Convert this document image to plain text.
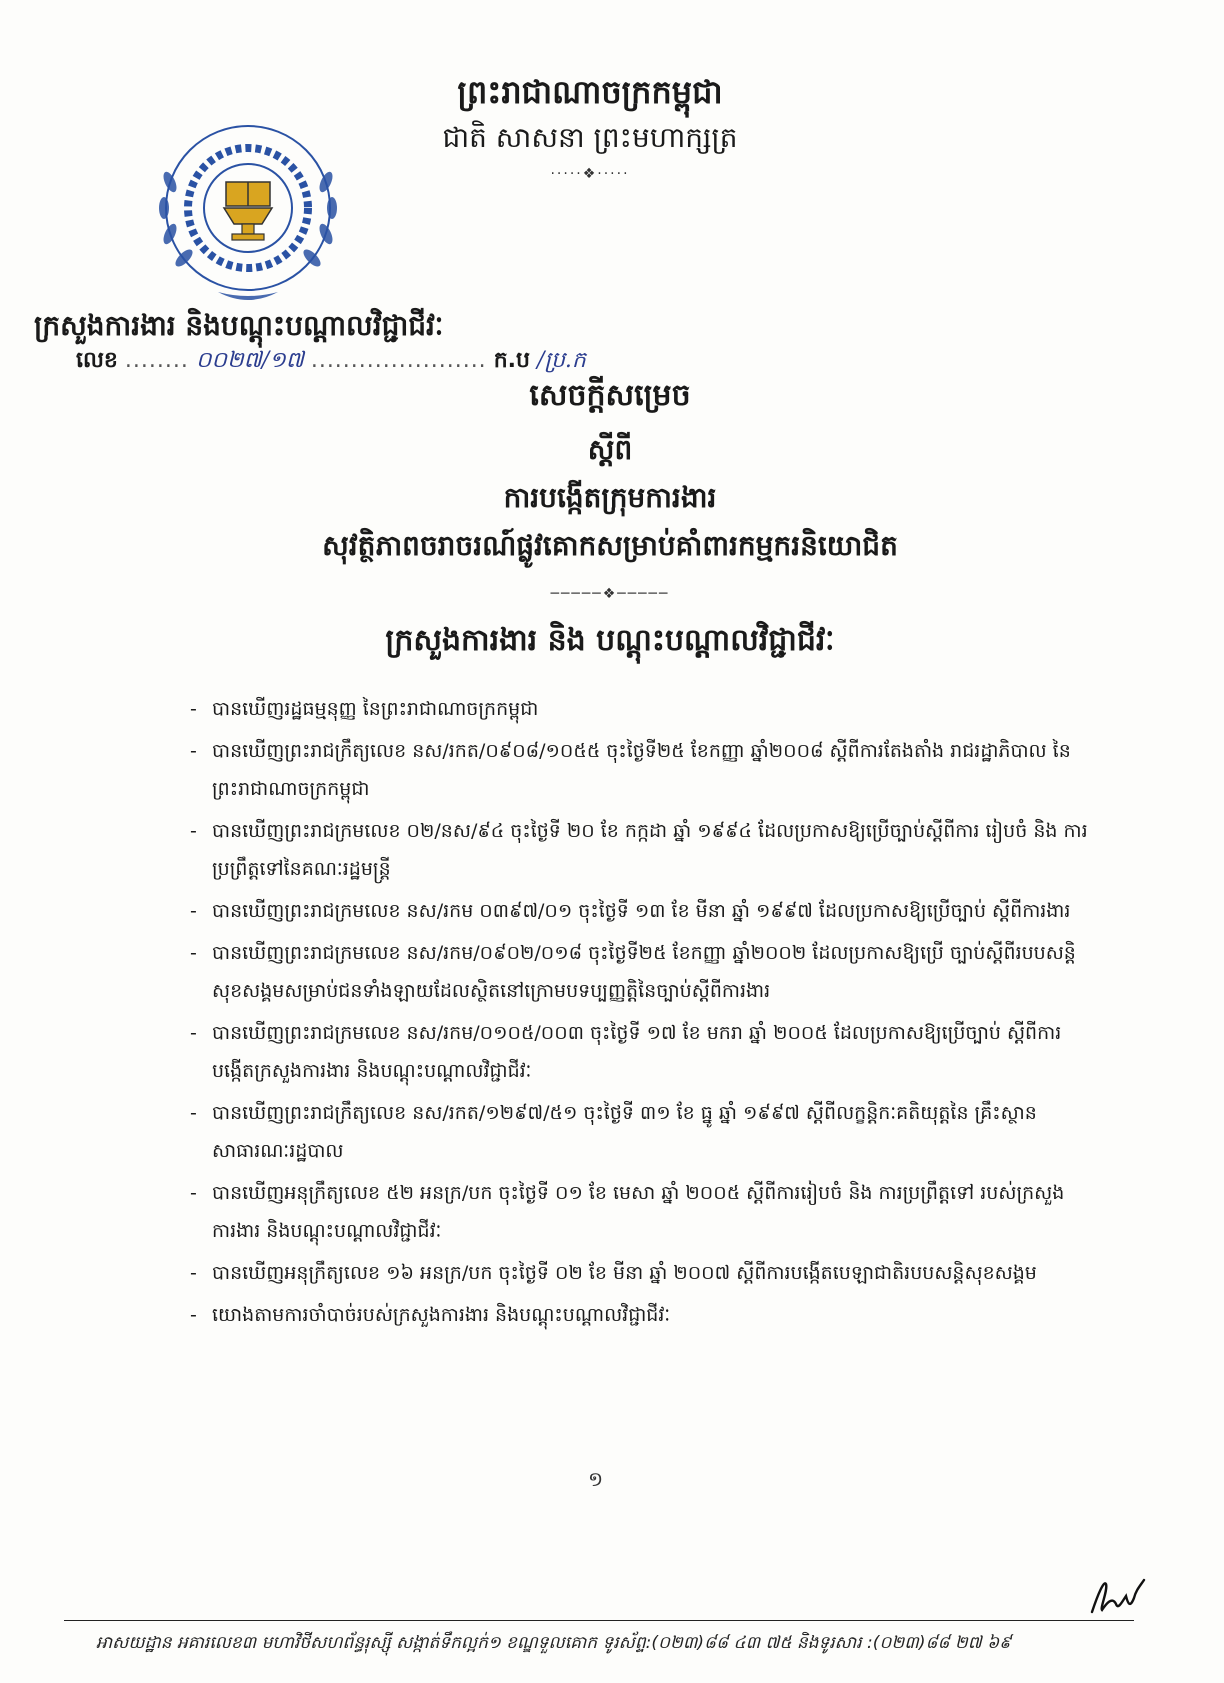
ព្រះរាជាណាចក្រកម្ពុជា
ជាតិ សាសនា ព្រះមហាក្សត្រ
·····❖·····
ក្រសួងការងារ និងបណ្តុះបណ្តាលវិជ្ជាជីវៈ
លេខ ........ ០០២៧/១៧ ...................... ក.ប /ប្រ.ក
សេចក្តីសម្រេច
ស្តីពី
ការបង្កើតក្រុមការងារ
សុវត្ថិភាពចរាចរណ៍ផ្លូវគោកសម្រាប់គាំពារកម្មករនិយោជិត
─────❖─────
ក្រសួងការងារ និង បណ្តុះបណ្តាលវិជ្ជាជីវៈ
- បានឃើញរដ្ឋធម្មនុញ្ញ នៃព្រះរាជាណាចក្រកម្ពុជា
- បានឃើញព្រះរាជក្រឹត្យលេខ នស/រកត/០៩០៨/១០៥៥ ចុះថ្ងៃទី២៥ ខែកញ្ញា ឆ្នាំ២០០៨ ស្តីពីការតែងតាំង រាជរដ្ឋាភិបាល នៃព្រះរាជាណាចក្រកម្ពុជា
- បានឃើញព្រះរាជក្រមលេខ ០២/នស/៩៤ ចុះថ្ងៃទី ២០ ខែ កក្កដា ឆ្នាំ ១៩៩៤ ដែលប្រកាសឱ្យប្រើច្បាប់ស្តីពីការ រៀបចំ និង ការប្រព្រឹត្តទៅនៃគណៈរដ្ឋមន្ត្រី
- បានឃើញព្រះរាជក្រមលេខ នស/រកម ០៣៩៧/០១ ចុះថ្ងៃទី ១៣ ខែ មីនា ឆ្នាំ ១៩៩៧ ដែលប្រកាសឱ្យប្រើច្បាប់ ស្តីពីការងារ
- បានឃើញព្រះរាជក្រមលេខ នស/រកម/០៩០២/០១៨ ចុះថ្ងៃទី២៥ ខែកញ្ញា ឆ្នាំ២០០២ ដែលប្រកាសឱ្យប្រើ ច្បាប់ស្តីពីរបបសន្តិសុខសង្គមសម្រាប់ជនទាំងឡាយដែលស្ថិតនៅក្រោមបទប្បញ្ញត្តិនៃច្បាប់ស្តីពីការងារ
- បានឃើញព្រះរាជក្រមលេខ នស/រកម/០១០៥/០០៣ ចុះថ្ងៃទី ១៧ ខែ មករា ឆ្នាំ ២០០៥ ដែលប្រកាសឱ្យប្រើច្បាប់ ស្តីពីការបង្កើតក្រសួងការងារ និងបណ្តុះបណ្តាលវិជ្ជាជីវៈ
- បានឃើញព្រះរាជក្រឹត្យលេខ នស/រកត/១២៩៧/៥១ ចុះថ្ងៃទី ៣១ ខែ ធ្នូ ឆ្នាំ ១៩៩៧ ស្តីពីលក្ខន្តិកៈគតិយុត្តនៃ គ្រឹះស្ថានសាធារណៈរដ្ឋបាល
- បានឃើញអនុក្រឹត្យលេខ ៥២ អនក្រ/បក ចុះថ្ងៃទី ០១ ខែ មេសា ឆ្នាំ ២០០៥ ស្តីពីការរៀបចំ និង ការប្រព្រឹត្តទៅ របស់ក្រសួងការងារ និងបណ្តុះបណ្តាលវិជ្ជាជីវៈ
- បានឃើញអនុក្រឹត្យលេខ ១៦ អនក្រ/បក ចុះថ្ងៃទី ០២ ខែ មីនា ឆ្នាំ ២០០៧ ស្តីពីការបង្កើតបេឡាជាតិរបបសន្តិសុខសង្គម
- យោងតាមការចាំបាច់របស់ក្រសួងការងារ និងបណ្តុះបណ្តាលវិជ្ជាជីវៈ
១
អាសយដ្ឋាន អគារលេខ៣ មហាវិថីសហព័ន្ធរុស្ស៊ី សង្កាត់ទឹកល្អក់១ ខណ្ឌទួលគោក ទូរស័ព្ទ:(០២៣)៨៨ ៤៣ ៧៥ និងទូរសារ :(០២៣)៨៨ ២៧ ៦៩
